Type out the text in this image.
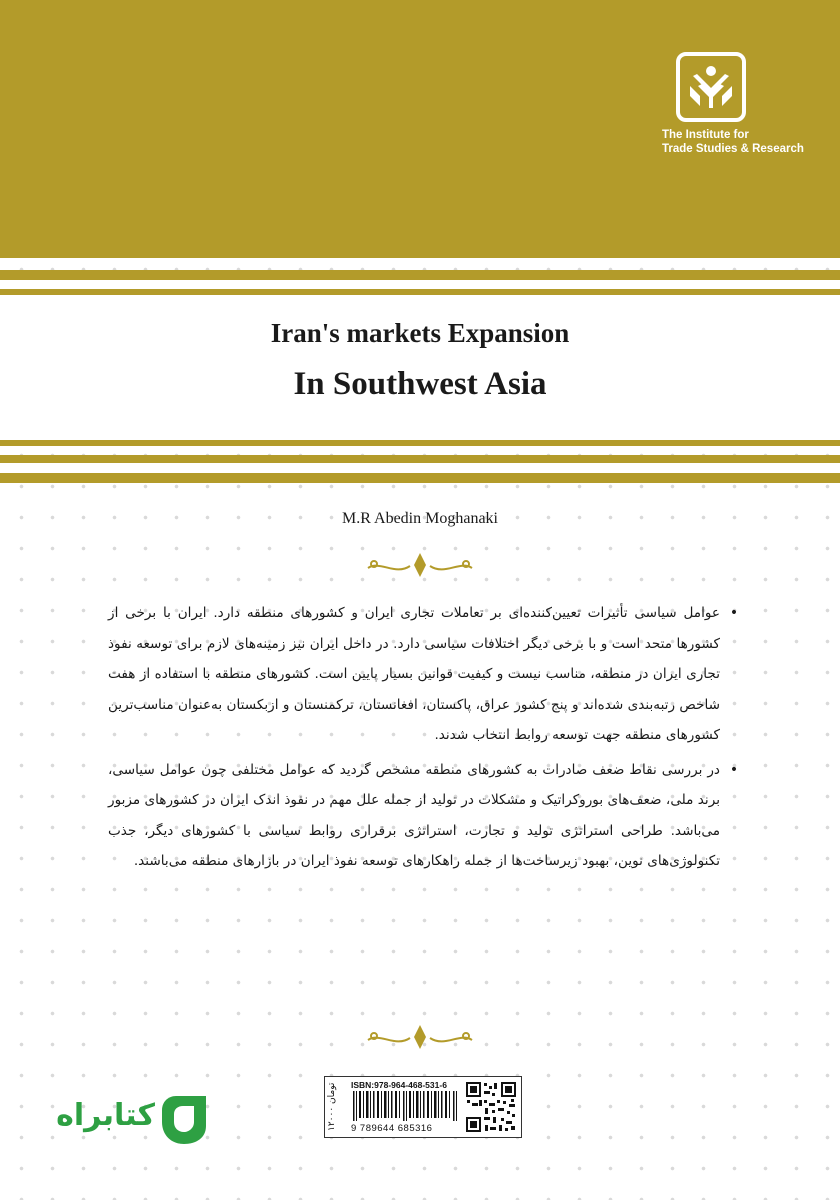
The Institute for
Trade Studies & Research
Iran's markets Expansion
In Southwest Asia
M.R Abedin Moghanaki
•
عوامل سیاسی تأثیرات تعیین‌کننده‌ای بر تعاملات تجاری ایران و کشورهای منطقه دارد. ایران با برخی از کشورها متحد است و با برخی دیگر اختلافات سیاسی دارد. در داخل ایران نیز زمینه‌های لازم برای توسعه نفوذ تجاری ایران در منطقه، مناسب نیست و کیفیت قوانین بسیار پایین است. کشورهای منطقه با استفاده از هفت شاخص رتبه‌بندی شده‌اند و پنج کشور عراق، پاکستان، افغانستان، ترکمنستان و ازبکستان به‌عنوان مناسب‌ترین کشورهای منطقه جهت توسعه روابط انتخاب شدند.
•
در بررسی نقاط ضعف صادرات به کشورهای منطقه مشخص گردید که عوامل مختلفی چون عوامل سیاسی، برند ملی، ضعف‌های بوروکراتیک و مشکلات در تولید از جمله علل مهم در نفوذ اندک ایران در کشورهای مزبور می‌باشد. طراحی استراتژی تولید و تجارت، استراتژی برقراری روابط سیاسی با کشورهای دیگر، جذب تکنولوژی‌های نوین، بهبود زیرساخت‌ها از جمله راهکارهای توسعه نفوذ ایران در بازارهای منطقه می‌باشند.
۱۲۰۰۰ تومان	ISBN:978-964-468-531-6
9 789644 685316
کتابراه
